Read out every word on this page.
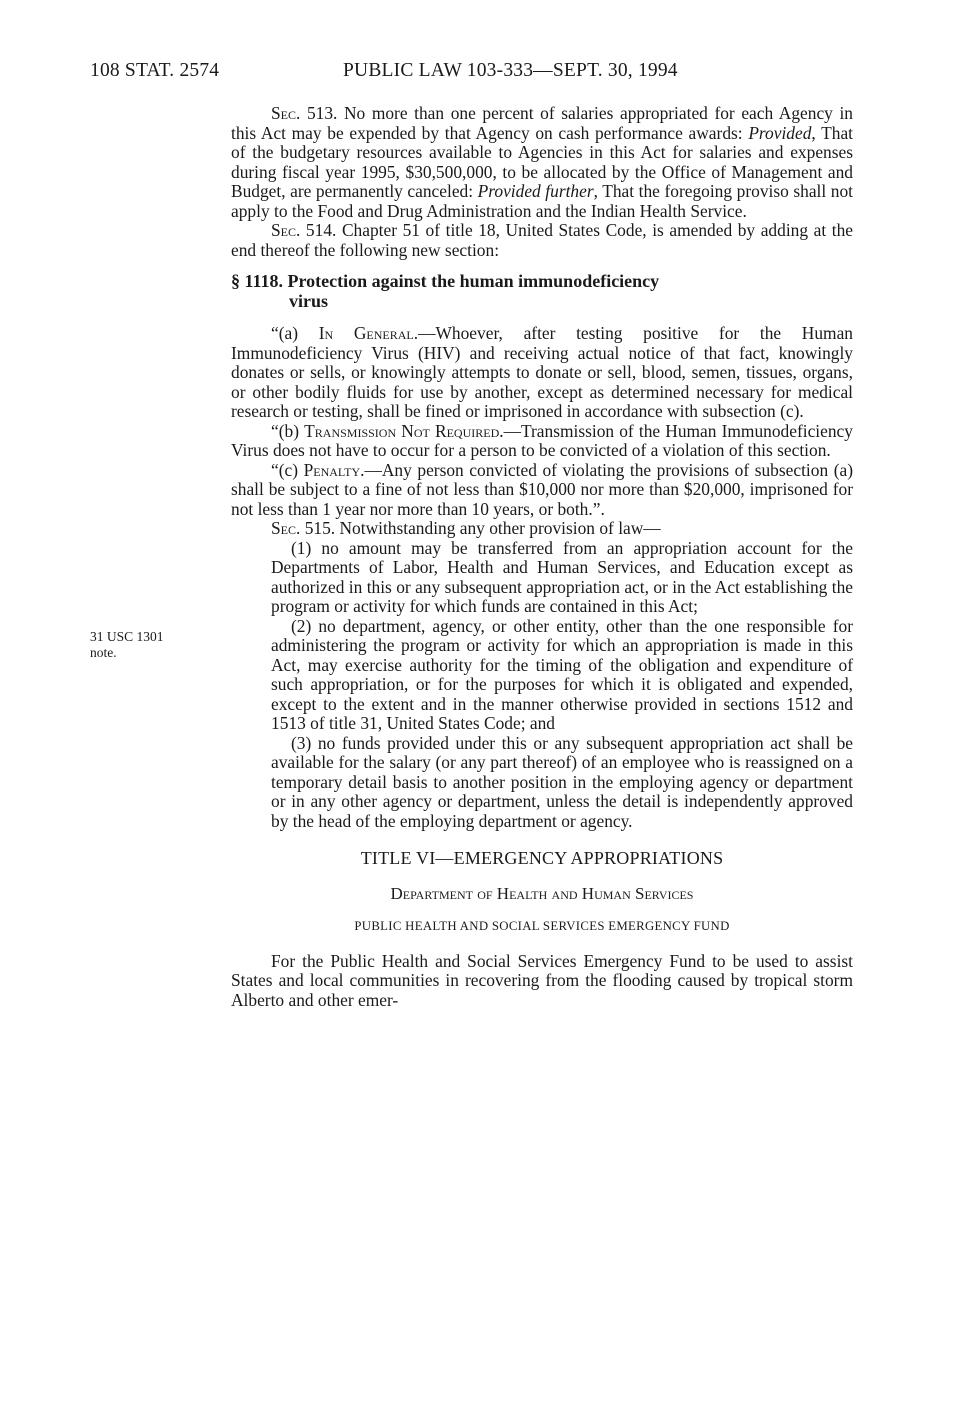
108 STAT. 2574	PUBLIC LAW 103-333—SEPT. 30, 1994
31 USC 1301
note.

Sec. 513. No more than one percent of salaries appropriated for each Agency in this Act may be expended by that Agency on cash performance awards: Provided, That of the budgetary resources available to Agencies in this Act for salaries and expenses during fiscal year 1995, $30,500,000, to be allocated by the Office of Management and Budget, are permanently canceled: Provided further, That the foregoing proviso shall not apply to the Food and Drug Administration and the Indian Health Service.

Sec. 514. Chapter 51 of title 18, United States Code, is amended by adding at the end thereof the following new section:

§ 1118. Protection against the human immunodeficiency
virus

“(a) In General.—Whoever, after testing positive for the Human Immunodeficiency Virus (HIV) and receiving actual notice of that fact, knowingly donates or sells, or knowingly attempts to donate or sell, blood, semen, tissues, organs, or other bodily fluids for use by another, except as determined necessary for medical research or testing, shall be fined or imprisoned in accordance with subsection (c).

“(b) Transmission Not Required.—Transmission of the Human Immunodeficiency Virus does not have to occur for a person to be convicted of a violation of this section.

“(c) Penalty.—Any person convicted of violating the provisions of subsection (a) shall be subject to a fine of not less than $10,000 nor more than $20,000, imprisoned for not less than 1 year nor more than 10 years, or both.”.

Sec. 515. Notwithstanding any other provision of law—

(1) no amount may be transferred from an appropriation account for the Departments of Labor, Health and Human Services, and Education except as authorized in this or any subsequent appropriation act, or in the Act establishing the program or activity for which funds are contained in this Act;

(2) no department, agency, or other entity, other than the one responsible for administering the program or activity for which an appropriation is made in this Act, may exercise authority for the timing of the obligation and expenditure of such appropriation, or for the purposes for which it is obligated and expended, except to the extent and in the manner otherwise provided in sections 1512 and 1513 of title 31, United States Code; and

(3) no funds provided under this or any subsequent appropriation act shall be available for the salary (or any part thereof) of an employee who is reassigned on a temporary detail basis to another position in the employing agency or department or in any other agency or department, unless the detail is independently approved by the head of the employing department or agency.

TITLE VI—EMERGENCY APPROPRIATIONS

Department of Health and Human Services

PUBLIC HEALTH AND SOCIAL SERVICES EMERGENCY FUND

For the Public Health and Social Services Emergency Fund to be used to assist States and local communities in recovering from the flooding caused by tropical storm Alberto and other emer-
